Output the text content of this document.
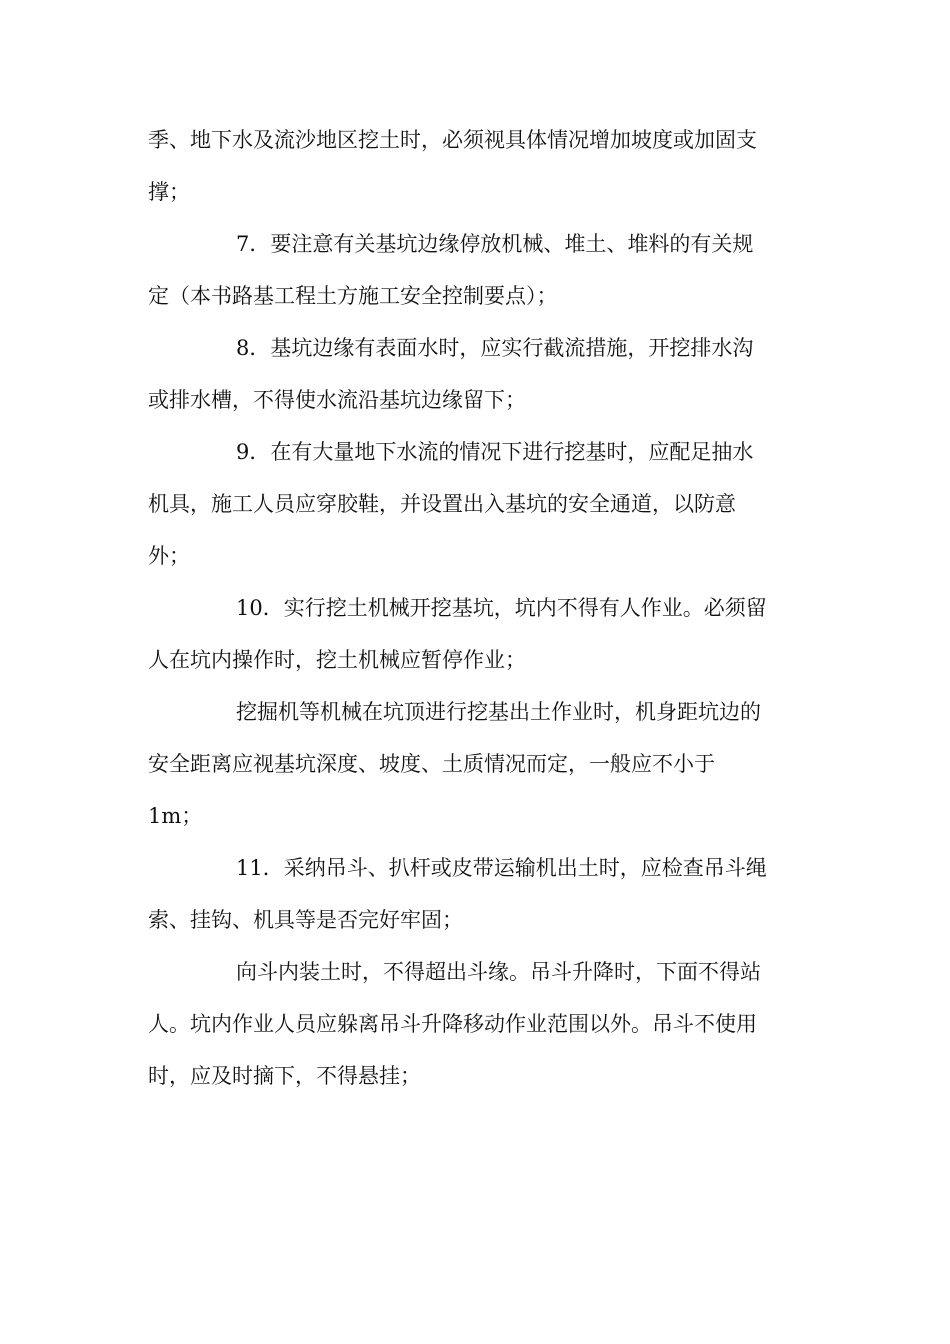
季、地下水及流沙地区挖土时，必须视具体情况增加坡度或加固支
撑；
7．要注意有关基坑边缘停放机械、堆土、堆料的有关规
定（本书路基工程土方施工安全控制要点）；
8．基坑边缘有表面水时，应实行截流措施，开挖排水沟
或排水槽，不得使水流沿基坑边缘留下；
9．在有大量地下水流的情况下进行挖基时，应配足抽水
机具，施工人员应穿胶鞋，并设置出入基坑的安全通道，以防意
外；
10．实行挖土机械开挖基坑，坑内不得有人作业。必须留
人在坑内操作时，挖土机械应暂停作业；
挖掘机等机械在坑顶进行挖基出土作业时，机身距坑边的
安全距离应视基坑深度、坡度、土质情况而定，一般应不小于
1m；
11．采纳吊斗、扒杆或皮带运输机出土时，应检查吊斗绳
索、挂钩、机具等是否完好牢固；
向斗内装土时，不得超出斗缘。吊斗升降时，下面不得站
人。坑内作业人员应躲离吊斗升降移动作业范围以外。吊斗不使用
时，应及时摘下，不得悬挂；
